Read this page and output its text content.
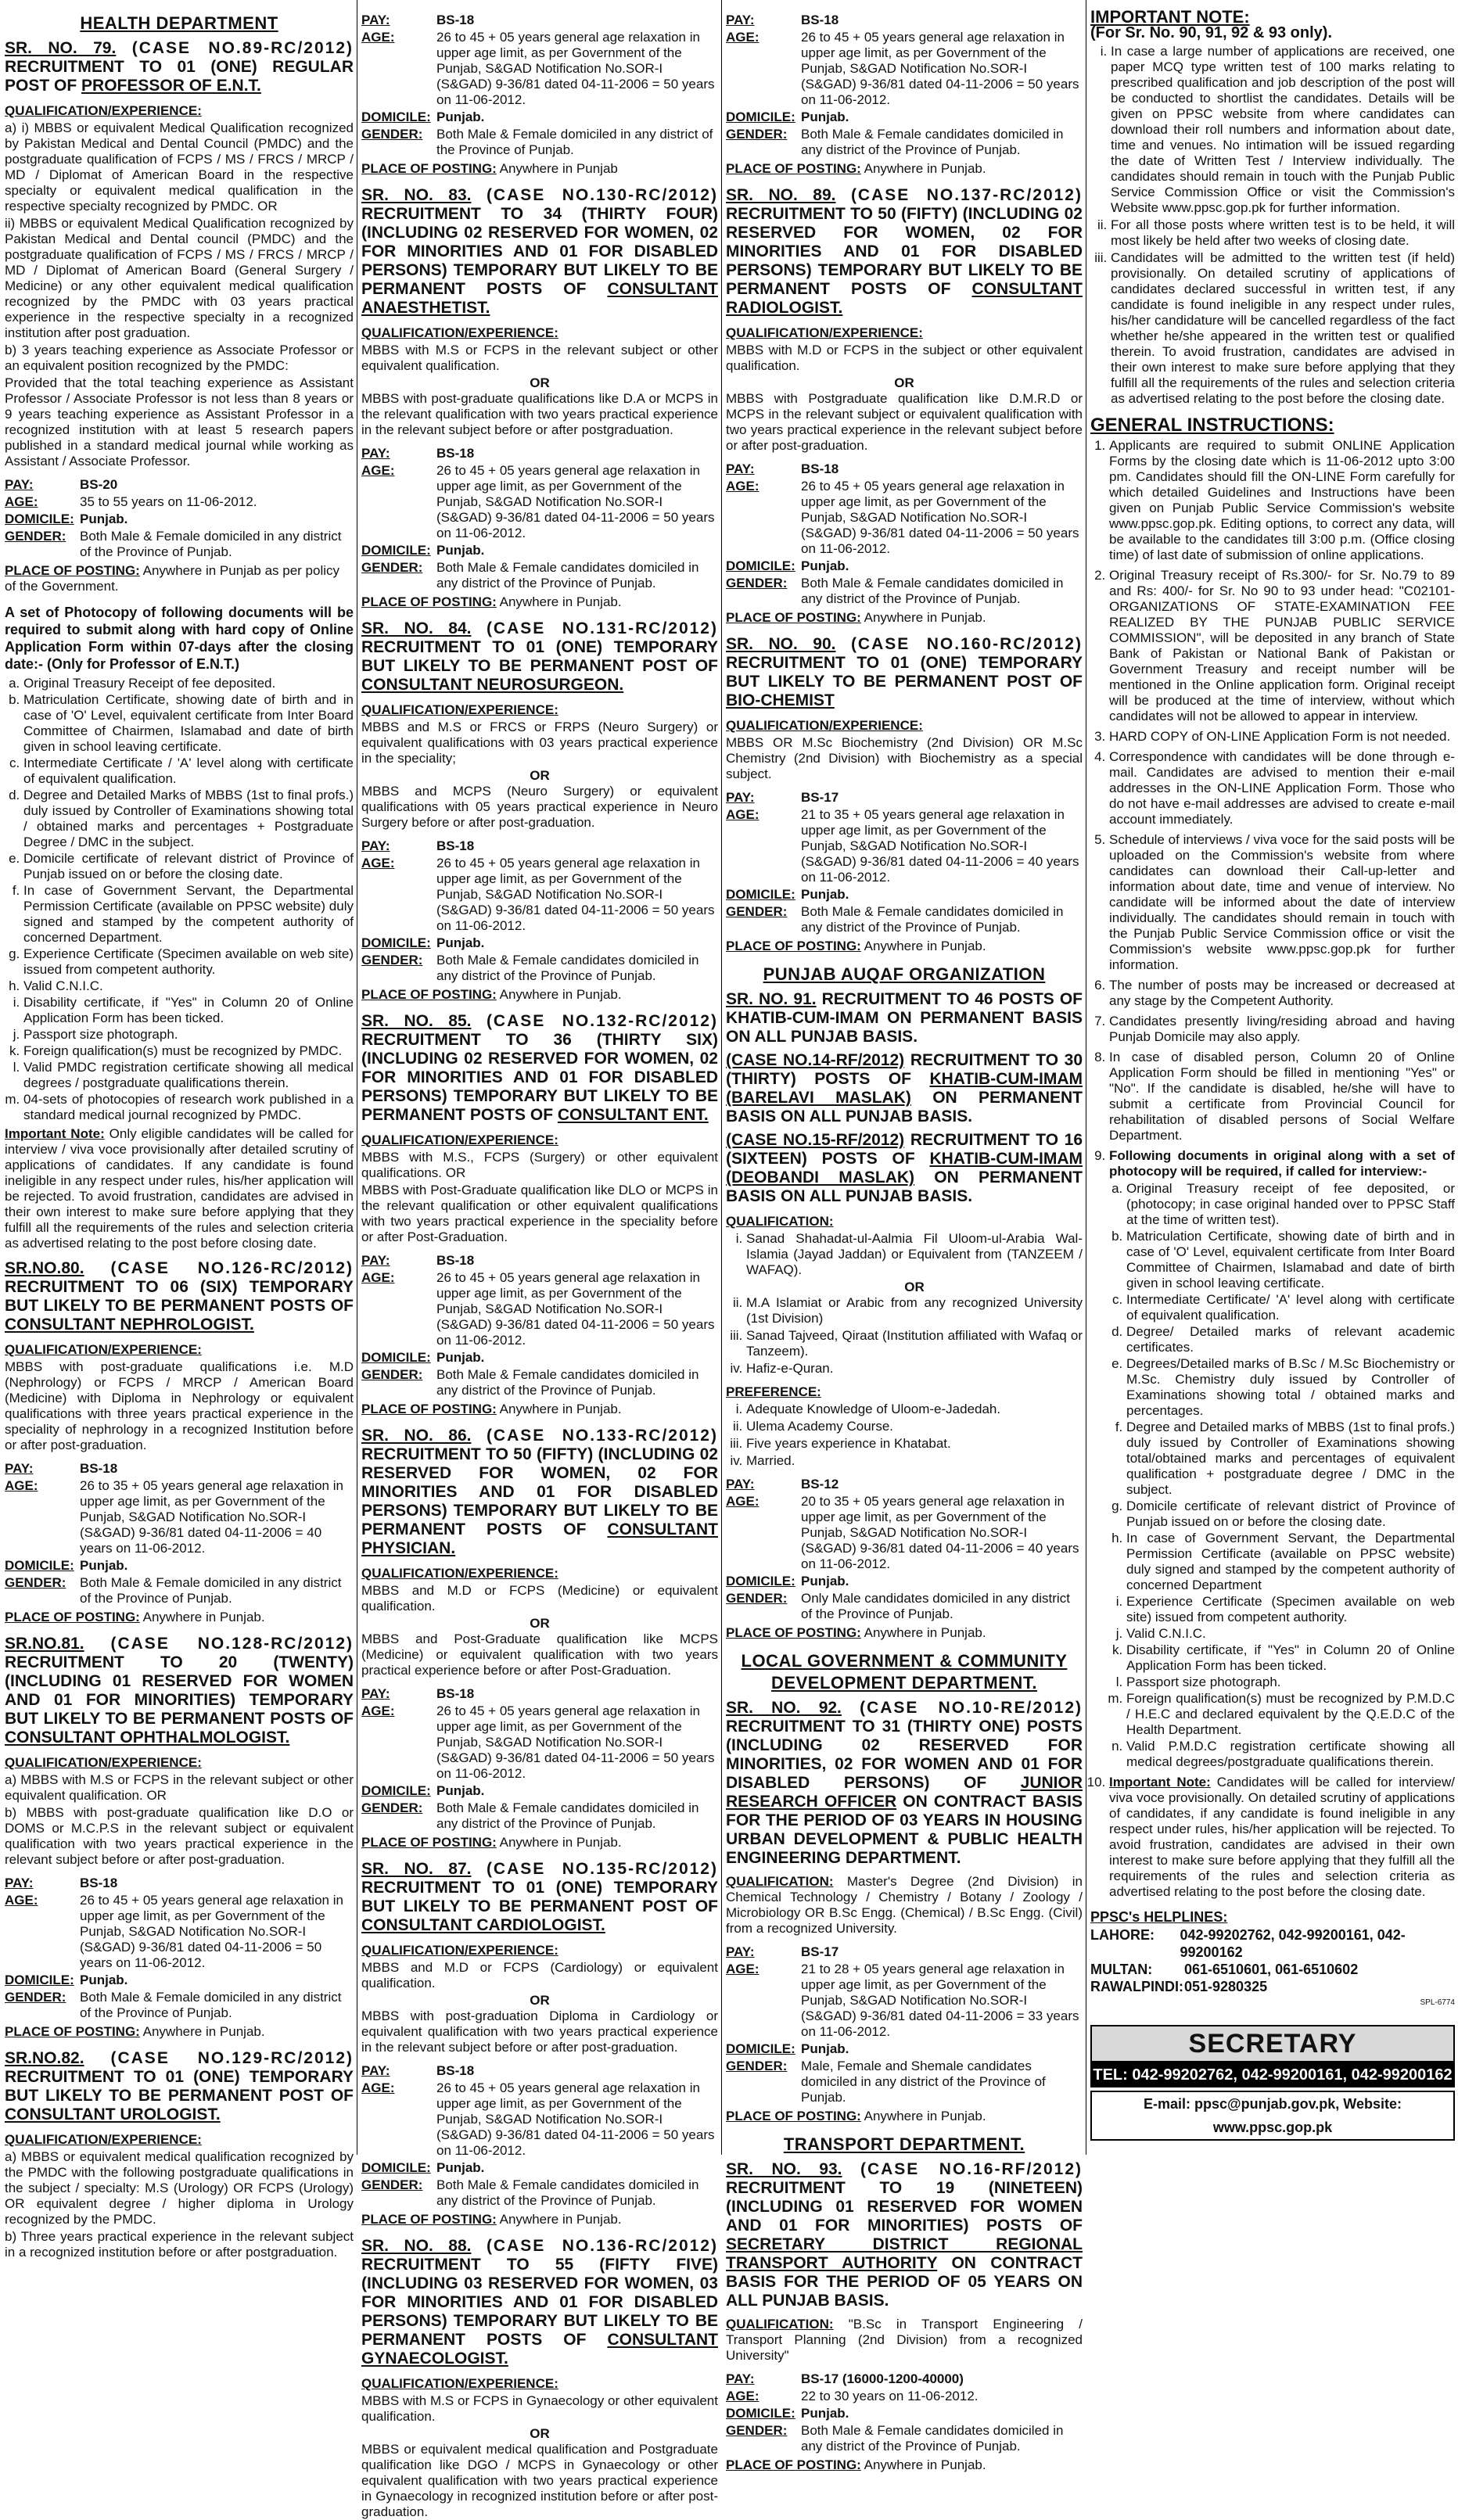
HEALTH DEPARTMENT
SR. NO. 79. (CASE NO.89-RC/2012) RECRUITMENT TO 01 (ONE) REGULAR POST OF PROFESSOR OF E.N.T.
QUALIFICATION/EXPERIENCE:

a) i) MBBS or equivalent Medical Qualification recognized by Pakistan Medical and Dental Council (PMDC) and the postgraduate qualification of FCPS / MS / FRCS / MRCP / MD / Diplomat of American Board in the respective specialty or equivalent medical qualification in the respective specialty recognized by PMDC. OR

ii) MBBS or equivalent Medical Qualification recognized by Pakistan Medical and Dental council (PMDC) and the postgraduate qualification of FCPS / MS / FRCS / MRCP / MD / Diplomat of American Board (General Surgery / Medicine) or any other equivalent medical qualification recognized by the PMDC with 03 years practical experience in the respective specialty in a recognized institution after post graduation.

b) 3 years teaching experience as Associate Professor or an equivalent position recognized by the PMDC:

Provided that the total teaching experience as Assistant Professor / Associate Professor is not less than 8 years or 9 years teaching experience as Assistant Professor in a recognized institution with at least 5 research papers published in a standard medical journal while working as Assistant / Associate Professor.

PAY:	BS-20
AGE:	35 to 55 years on 11-06-2012.
DOMICILE:	Punjab.
GENDER:	Both Male & Female domiciled in any district of the Province of Punjab.
PLACE OF POSTING: Anywhere in Punjab as per policy of the Government.
A set of Photocopy of following documents will be required to submit along with hard copy of Online Application Form within 07-days after the closing date:- (Only for Professor of E.N.T.)
a. Original Treasury Receipt of fee deposited.
b. Matriculation Certificate, showing date of birth and in case of 'O' Level, equivalent certificate from Inter Board Committee of Chairmen, Islamabad and date of birth given in school leaving certificate.
c. Intermediate Certificate / 'A' level along with certificate of equivalent qualification.
d. Degree and Detailed Marks of MBBS (1st to final profs.) duly issued by Controller of Examinations showing total / obtained marks and percentages + Postgraduate Degree / DMC in the subject.
e. Domicile certificate of relevant district of Province of Punjab issued on or before the closing date.
f. In case of Government Servant, the Departmental Permission Certificate (available on PPSC website) duly signed and stamped by the competent authority of concerned Department.
g. Experience Certificate (Specimen available on web site) issued from competent authority.
h. Valid C.N.I.C.
i. Disability certificate, if "Yes" in Column 20 of Online Application Form has been ticked.
j. Passport size photograph.
k. Foreign qualification(s) must be recognized by PMDC.
l. Valid PMDC registration certificate showing all medical degrees / postgraduate qualifications therein.
m. 04-sets of photocopies of research work published in a standard medical journal recognized by PMDC.
Important Note: Only eligible candidates will be called for interview / viva voce provisionally after detailed scrutiny of applications of candidates. If any candidate is found ineligible in any respect under rules, his/her application will be rejected. To avoid frustration, candidates are advised in their own interest to make sure before applying that they fulfill all the requirements of the rules and selection criteria as advertised relating to the post before closing date.
SR.NO.80. (CASE NO.126-RC/2012) RECRUITMENT TO 06 (SIX) TEMPORARY BUT LIKELY TO BE PERMANENT POSTS OF CONSULTANT NEPHROLOGIST.
QUALIFICATION/EXPERIENCE:

MBBS with post-graduate qualifications i.e. M.D (Nephrology) or FCPS / MRCP / American Board (Medicine) with Diploma in Nephrology or equivalent qualifications with three years practical experience in the speciality of nephrology in a recognized Institution before or after post-graduation.

PAY:	BS-18
AGE:	26 to 35 + 05 years general age relaxation in upper age limit, as per Government of the Punjab, S&GAD Notification No.SOR-I (S&GAD) 9-36/81 dated 04-11-2006 = 40 years on 11-06-2012.
DOMICILE:	Punjab.
GENDER:	Both Male & Female domiciled in any district of the Province of Punjab.
PLACE OF POSTING: Anywhere in Punjab.
SR.NO.81. (CASE NO.128-RC/2012) RECRUITMENT TO 20 (TWENTY) (INCLUDING 01 RESERVED FOR WOMEN AND 01 FOR MINORITIES) TEMPORARY BUT LIKELY TO BE PERMANENT POSTS OF CONSULTANT OPHTHALMOLOGIST.
QUALIFICATION/EXPERIENCE:

a) MBBS with M.S or FCPS in the relevant subject or other equivalent qualification. OR

b) MBBS with post-graduate qualification like D.O or DOMS or M.C.P.S in the relevant subject or equivalent qualification with two years practical experience in the relevant subject before or after post-graduation.

PAY:	BS-18
AGE:	26 to 45 + 05 years general age relaxation in upper age limit, as per Government of the Punjab, S&GAD Notification No.SOR-I (S&GAD) 9-36/81 dated 04-11-2006 = 50 years on 11-06-2012.
DOMICILE:	Punjab.
GENDER:	Both Male & Female domiciled in any district of the Province of Punjab.
PLACE OF POSTING: Anywhere in Punjab.
SR.NO.82. (CASE NO.129-RC/2012) RECRUITMENT TO 01 (ONE) TEMPORARY BUT LIKELY TO BE PERMANENT POST OF CONSULTANT UROLOGIST.
QUALIFICATION/EXPERIENCE:

a) MBBS or equivalent medical qualification recognized by the PMDC with the following postgraduate qualifications in the subject / specialty: M.S (Urology) OR FCPS (Urology) OR equivalent degree / higher diploma in Urology recognized by the PMDC.

b) Three years practical experience in the relevant subject in a recognized institution before or after postgraduation.

PAY:	BS-18
AGE:	26 to 45 + 05 years general age relaxation in upper age limit, as per Government of the Punjab, S&GAD Notification No.SOR-I (S&GAD) 9-36/81 dated 04-11-2006 = 50 years on 11-06-2012.
DOMICILE:	Punjab.
GENDER:	Both Male & Female domiciled in any district of the Province of Punjab.
PLACE OF POSTING: Anywhere in Punjab
SR. NO. 83. (CASE NO.130-RC/2012) RECRUITMENT TO 34 (THIRTY FOUR) (INCLUDING 02 RESERVED FOR WOMEN, 02 FOR MINORITIES AND 01 FOR DISABLED PERSONS) TEMPORARY BUT LIKELY TO BE PERMANENT POSTS OF CONSULTANT ANAESTHETIST.
QUALIFICATION/EXPERIENCE:

MBBS with M.S or FCPS in the relevant subject or other equivalent qualification.

OR

MBBS with post-graduate qualifications like D.A or MCPS in the relevant qualification with two years practical experience in the relevant subject before or after postgraduation.

PAY:	BS-18
AGE:	26 to 45 + 05 years general age relaxation in upper age limit, as per Government of the Punjab, S&GAD Notification No.SOR-I (S&GAD) 9-36/81 dated 04-11-2006 = 50 years on 11-06-2012.
DOMICILE:	Punjab.
GENDER:	Both Male & Female candidates domiciled in any district of the Province of Punjab.
PLACE OF POSTING: Anywhere in Punjab.
SR. NO. 84. (CASE NO.131-RC/2012) RECRUITMENT TO 01 (ONE) TEMPORARY BUT LIKELY TO BE PERMANENT POST OF CONSULTANT NEUROSURGEON.
QUALIFICATION/EXPERIENCE:

MBBS and M.S or FRCS or FRPS (Neuro Surgery) or equivalent qualifications with 03 years practical experience in the speciality;

OR

MBBS and MCPS (Neuro Surgery) or equivalent qualifications with 05 years practical experience in Neuro Surgery before or after post-graduation.

PAY:	BS-18
AGE:	26 to 45 + 05 years general age relaxation in upper age limit, as per Government of the Punjab, S&GAD Notification No.SOR-I (S&GAD) 9-36/81 dated 04-11-2006 = 50 years on 11-06-2012.
DOMICILE:	Punjab.
GENDER:	Both Male & Female candidates domiciled in any district of the Province of Punjab.
PLACE OF POSTING: Anywhere in Punjab.
SR. NO. 85. (CASE NO.132-RC/2012) RECRUITMENT TO 36 (THIRTY SIX) (INCLUDING 02 RESERVED FOR WOMEN, 02 FOR MINORITIES AND 01 FOR DISABLED PERSONS) TEMPORARY BUT LIKELY TO BE PERMANENT POSTS OF CONSULTANT ENT.
QUALIFICATION/EXPERIENCE:

MBBS with M.S., FCPS (Surgery) or other equivalent qualifications. OR

MBBS with Post-Graduate qualification like DLO or MCPS in the relevant qualification or other equivalent qualifications with two years practical experience in the speciality before or after Post-Graduation.

PAY:	BS-18
AGE:	26 to 45 + 05 years general age relaxation in upper age limit, as per Government of the Punjab, S&GAD Notification No.SOR-I (S&GAD) 9-36/81 dated 04-11-2006 = 50 years on 11-06-2012.
DOMICILE:	Punjab.
GENDER:	Both Male & Female candidates domiciled in any district of the Province of Punjab.
PLACE OF POSTING: Anywhere in Punjab.
SR. NO. 86. (CASE NO.133-RC/2012) RECRUITMENT TO 50 (FIFTY) (INCLUDING 02 RESERVED FOR WOMEN, 02 FOR MINORITIES AND 01 FOR DISABLED PERSONS) TEMPORARY BUT LIKELY TO BE PERMANENT POSTS OF CONSULTANT PHYSICIAN.
QUALIFICATION/EXPERIENCE:

MBBS and M.D or FCPS (Medicine) or equivalent qualification.

OR

MBBS and Post-Graduate qualification like MCPS (Medicine) or equivalent qualification with two years practical experience before or after Post-Graduation.

PAY:	BS-18
AGE:	26 to 45 + 05 years general age relaxation in upper age limit, as per Government of the Punjab, S&GAD Notification No.SOR-I (S&GAD) 9-36/81 dated 04-11-2006 = 50 years on 11-06-2012.
DOMICILE:	Punjab.
GENDER:	Both Male & Female candidates domiciled in any district of the Province of Punjab.
PLACE OF POSTING: Anywhere in Punjab.
SR. NO. 87. (CASE NO.135-RC/2012) RECRUITMENT TO 01 (ONE) TEMPORARY BUT LIKELY TO BE PERMANENT POST OF CONSULTANT CARDIOLOGIST.
QUALIFICATION/EXPERIENCE:

MBBS and M.D or FCPS (Cardiology) or equivalent qualification.

OR

MBBS with post-graduation Diploma in Cardiology or equivalent qualification with two years practical experience in the relevant subject before or after post-graduation.

PAY:	BS-18
AGE:	26 to 45 + 05 years general age relaxation in upper age limit, as per Government of the Punjab, S&GAD Notification No.SOR-I (S&GAD) 9-36/81 dated 04-11-2006 = 50 years on 11-06-2012.
DOMICILE:	Punjab.
GENDER:	Both Male & Female candidates domiciled in any district of the Province of Punjab.
PLACE OF POSTING: Anywhere in Punjab.
SR. NO. 88. (CASE NO.136-RC/2012) RECRUITMENT TO 55 (FIFTY FIVE) (INCLUDING 03 RESERVED FOR WOMEN, 03 FOR MINORITIES AND 01 FOR DISABLED PERSONS) TEMPORARY BUT LIKELY TO BE PERMANENT POSTS OF CONSULTANT GYNAECOLOGIST.
QUALIFICATION/EXPERIENCE:

MBBS with M.S or FCPS in Gynaecology or other equivalent qualification.

OR

MBBS or equivalent medical qualification and Postgraduate qualification like DGO / MCPS in Gynaecology or other equivalent qualification with two years practical experience in Gynaecology in recognized institution before or after post-graduation.

PAY:	BS-18
AGE:	26 to 45 + 05 years general age relaxation in upper age limit, as per Government of the Punjab, S&GAD Notification No.SOR-I (S&GAD) 9-36/81 dated 04-11-2006 = 50 years on 11-06-2012.
DOMICILE:	Punjab.
GENDER:	Both Male & Female candidates domiciled in any district of the Province of Punjab.
PLACE OF POSTING: Anywhere in Punjab.
SR. NO. 89. (CASE NO.137-RC/2012) RECRUITMENT TO 50 (FIFTY) (INCLUDING 02 RESERVED FOR WOMEN, 02 FOR MINORITIES AND 01 FOR DISABLED PERSONS) TEMPORARY BUT LIKELY TO BE PERMANENT POSTS OF CONSULTANT RADIOLOGIST.
QUALIFICATION/EXPERIENCE:

MBBS with M.D or FCPS in the subject or other equivalent qualification.

OR

MBBS with Postgraduate qualification like D.M.R.D or MCPS in the relevant subject or equivalent qualification with two years practical experience in the relevant subject before or after post-graduation.

PAY:	BS-18
AGE:	26 to 45 + 05 years general age relaxation in upper age limit, as per Government of the Punjab, S&GAD Notification No.SOR-I (S&GAD) 9-36/81 dated 04-11-2006 = 50 years on 11-06-2012.
DOMICILE:	Punjab.
GENDER:	Both Male & Female candidates domiciled in any district of the Province of Punjab.
PLACE OF POSTING: Anywhere in Punjab.
SR. NO. 90. (CASE NO.160-RC/2012) RECRUITMENT TO 01 (ONE) TEMPORARY BUT LIKELY TO BE PERMANENT POST OF BIO-CHEMIST
QUALIFICATION/EXPERIENCE:

MBBS OR M.Sc Biochemistry (2nd Division) OR M.Sc Chemistry (2nd Division) with Biochemistry as a special subject.

PAY:	BS-17
AGE:	21 to 35 + 05 years general age relaxation in upper age limit, as per Government of the Punjab, S&GAD Notification No.SOR-I (S&GAD) 9-36/81 dated 04-11-2006 = 40 years on 11-06-2012.
DOMICILE:	Punjab.
GENDER:	Both Male & Female candidates domiciled in any district of the Province of Punjab.
PLACE OF POSTING: Anywhere in Punjab.
PUNJAB AUQAF ORGANIZATION
SR. NO. 91. RECRUITMENT TO 46 POSTS OF KHATIB-CUM-IMAM ON PERMANENT BASIS ON ALL PUNJAB BASIS.
(CASE NO.14-RF/2012) RECRUITMENT TO 30 (THIRTY) POSTS OF KHATIB-CUM-IMAM (BARELAVI MASLAK) ON PERMANENT BASIS ON ALL PUNJAB BASIS.
(CASE NO.15-RF/2012) RECRUITMENT TO 16 (SIXTEEN) POSTS OF KHATIB-CUM-IMAM (DEOBANDI MASLAK) ON PERMANENT BASIS ON ALL PUNJAB BASIS.
QUALIFICATION:
i. Sanad Shahadat-ul-Aalmia Fil Uloom-ul-Arabia Wal-Islamia (Jayad Jaddan) or Equivalent from (TANZEEM / WAFAQ).
OR
ii. M.A Islamiat or Arabic from any recognized University (1st Division)
iii. Sanad Tajveed, Qiraat (Institution affiliated with Wafaq or Tanzeem).
iv. Hafiz-e-Quran.
PREFERENCE:
i. Adequate Knowledge of Uloom-e-Jadedah.
ii. Ulema Academy Course.
iii. Five years experience in Khatabat.
iv. Married.
PAY:	BS-12
AGE:	20 to 35 + 05 years general age relaxation in upper age limit, as per Government of the Punjab, S&GAD Notification No.SOR-I (S&GAD) 9-36/81 dated 04-11-2006 = 40 years on 11-06-2012.
DOMICILE:	Punjab.
GENDER:	Only Male candidates domiciled in any district of the Province of Punjab.
PLACE OF POSTING: Anywhere in Punjab.
LOCAL GOVERNMENT & COMMUNITY DEVELOPMENT DEPARTMENT.
SR. NO. 92. (CASE NO.10-RE/2012) RECRUITMENT TO 31 (THIRTY ONE) POSTS (INCLUDING 02 RESERVED FOR MINORITIES, 02 FOR WOMEN AND 01 FOR DISABLED PERSONS) OF JUNIOR RESEARCH OFFICER ON CONTRACT BASIS FOR THE PERIOD OF 03 YEARS IN HOUSING URBAN DEVELOPMENT & PUBLIC HEALTH ENGINEERING DEPARTMENT.
QUALIFICATION: Master's Degree (2nd Division) in Chemical Technology / Chemistry / Botany / Zoology / Microbiology OR B.Sc Engg. (Chemical) / B.Sc Engg. (Civil) from a recognized University.
PAY:	BS-17
AGE:	21 to 28 + 05 years general age relaxation in upper age limit, as per Government of the Punjab, S&GAD Notification No.SOR-I (S&GAD) 9-36/81 dated 04-11-2006 = 33 years on 11-06-2012.
DOMICILE:	Punjab.
GENDER:	Male, Female and Shemale candidates domiciled in any district of the Province of Punjab.
PLACE OF POSTING: Anywhere in Punjab.
TRANSPORT DEPARTMENT.
SR. NO. 93. (CASE NO.16-RF/2012) RECRUITMENT TO 19 (NINETEEN) (INCLUDING 01 RESERVED FOR WOMEN AND 01 FOR MINORITIES) POSTS OF SECRETARY DISTRICT REGIONAL TRANSPORT AUTHORITY ON CONTRACT BASIS FOR THE PERIOD OF 05 YEARS ON ALL PUNJAB BASIS.
QUALIFICATION: "B.Sc in Transport Engineering / Transport Planning (2nd Division) from a recognized University"
PAY:	BS-17 (16000-1200-40000)
AGE:	22 to 30 years on 11-06-2012.
DOMICILE:	Punjab.
GENDER:	Both Male & Female candidates domiciled in any district of the Province of Punjab.
PLACE OF POSTING: Anywhere in Punjab.
IMPORTANT NOTE:
(For Sr. No. 90, 91, 92 & 93 only).
i. In case a large number of applications are received, one paper MCQ type written test of 100 marks relating to prescribed qualification and job description of the post will be conducted to shortlist the candidates. Details will be given on PPSC website from where candidates can download their roll numbers and information about date, time and venues. No intimation will be issued regarding the date of Written Test / Interview individually. The candidates should remain in touch with the Punjab Public Service Commission Office or visit the Commission's Website www.ppsc.gop.pk for further information.
ii. For all those posts where written test is to be held, it will most likely be held after two weeks of closing date.
iii. Candidates will be admitted to the written test (if held) provisionally. On detailed scrutiny of applications of candidates declared successful in written test, if any candidate is found ineligible in any respect under rules, his/her candidature will be cancelled regardless of the fact whether he/she appeared in the written test or qualified therein. To avoid frustration, candidates are advised in their own interest to make sure before applying that they fulfill all the requirements of the rules and selection criteria as advertised relating to the post before the closing date.
GENERAL INSTRUCTIONS:
1. Applicants are required to submit ONLINE Application Forms by the closing date which is 11-06-2012 upto 3:00 pm. Candidates should fill the ON-LINE Form carefully for which detailed Guidelines and Instructions have been given on Punjab Public Service Commission's website www.ppsc.gop.pk. Editing options, to correct any data, will be available to the candidates till 3:00 p.m. (Office closing time) of last date of submission of online applications.
2. Original Treasury receipt of Rs.300/- for Sr. No.79 to 89 and Rs: 400/- for Sr. No 90 to 93 under head: "C02101-ORGANIZATIONS OF STATE-EXAMINATION FEE REALIZED BY THE PUNJAB PUBLIC SERVICE COMMISSION", will be deposited in any branch of State Bank of Pakistan or National Bank of Pakistan or Government Treasury and receipt number will be mentioned in the Online application form. Original receipt will be produced at the time of interview, without which candidates will not be allowed to appear in interview.
3. HARD COPY of ON-LINE Application Form is not needed.
4. Correspondence with candidates will be done through e-mail. Candidates are advised to mention their e-mail addresses in the ON-LINE Application Form. Those who do not have e-mail addresses are advised to create e-mail account immediately.
5. Schedule of interviews / viva voce for the said posts will be uploaded on the Commission's website from where candidates can download their Call-up-letter and information about date, time and venue of interview. No candidate will be informed about the date of interview individually. The candidates should remain in touch with the Punjab Public Service Commission office or visit the Commission's website www.ppsc.gop.pk for further information.
6. The number of posts may be increased or decreased at any stage by the Competent Authority.
7. Candidates presently living/residing abroad and having Punjab Domicile may also apply.
8. In case of disabled person, Column 20 of Online Application Form should be filled in mentioning "Yes" or "No". If the candidate is disabled, he/she will have to submit a certificate from Provincial Council for rehabilitation of disabled persons of Social Welfare Department.
9. Following documents in original along with a set of photocopy will be required, if called for interview:-
a. Original Treasury receipt of fee deposited, or (photocopy; in case original handed over to PPSC Staff at the time of written test).
b. Matriculation Certificate, showing date of birth and in case of 'O' Level, equivalent certificate from Inter Board Committee of Chairmen, Islamabad and date of birth given in school leaving certificate.
c. Intermediate Certificate/ 'A' level along with certificate of equivalent qualification.
d. Degree/ Detailed marks of relevant academic certificates.
e. Degrees/Detailed marks of B.Sc / M.Sc Biochemistry or M.Sc. Chemistry duly issued by Controller of Examinations showing total / obtained marks and percentages.
f. Degree and Detailed marks of MBBS (1st to final profs.) duly issued by Controller of Examinations showing total/obtained marks and percentages of equivalent qualification + postgraduate degree / DMC in the subject.
g. Domicile certificate of relevant district of Province of Punjab issued on or before the closing date.
h. In case of Government Servant, the Departmental Permission Certificate (available on PPSC website) duly signed and stamped by the competent authority of concerned Department
i. Experience Certificate (Specimen available on web site) issued from competent authority.
j. Valid C.N.I.C.
k. Disability certificate, if "Yes" in Column 20 of Online Application Form has been ticked.
l. Passport size photograph.
m. Foreign qualification(s) must be recognized by P.M.D.C / H.E.C and declared equivalent by the Q.E.D.C of the Health Department.
n. Valid P.M.D.C registration certificate showing all medical degrees/postgraduate qualifications therein.
10. Important Note: Candidates will be called for interview/ viva voce provisionally. On detailed scrutiny of applications of candidates, if any candidate is found ineligible in any respect under rules, his/her application will be rejected. To avoid frustration, candidates are advised in their own interest to make sure before applying that they fulfill all the requirements of the rules and selection criteria as advertised relating to the post before the closing date.
PPSC's HELPLINES:
LAHORE:	042-99202762, 042-99200161, 042-99200162
MULTAN:	061-6510601, 061-6510602
RAWALPINDI: 051-9280325
SPL-6774
SECRETARY
TEL: 042-99202762, 042-99200161, 042-99200162
E-mail: ppsc@punjab.gov.pk, Website: www.ppsc.gop.pk
